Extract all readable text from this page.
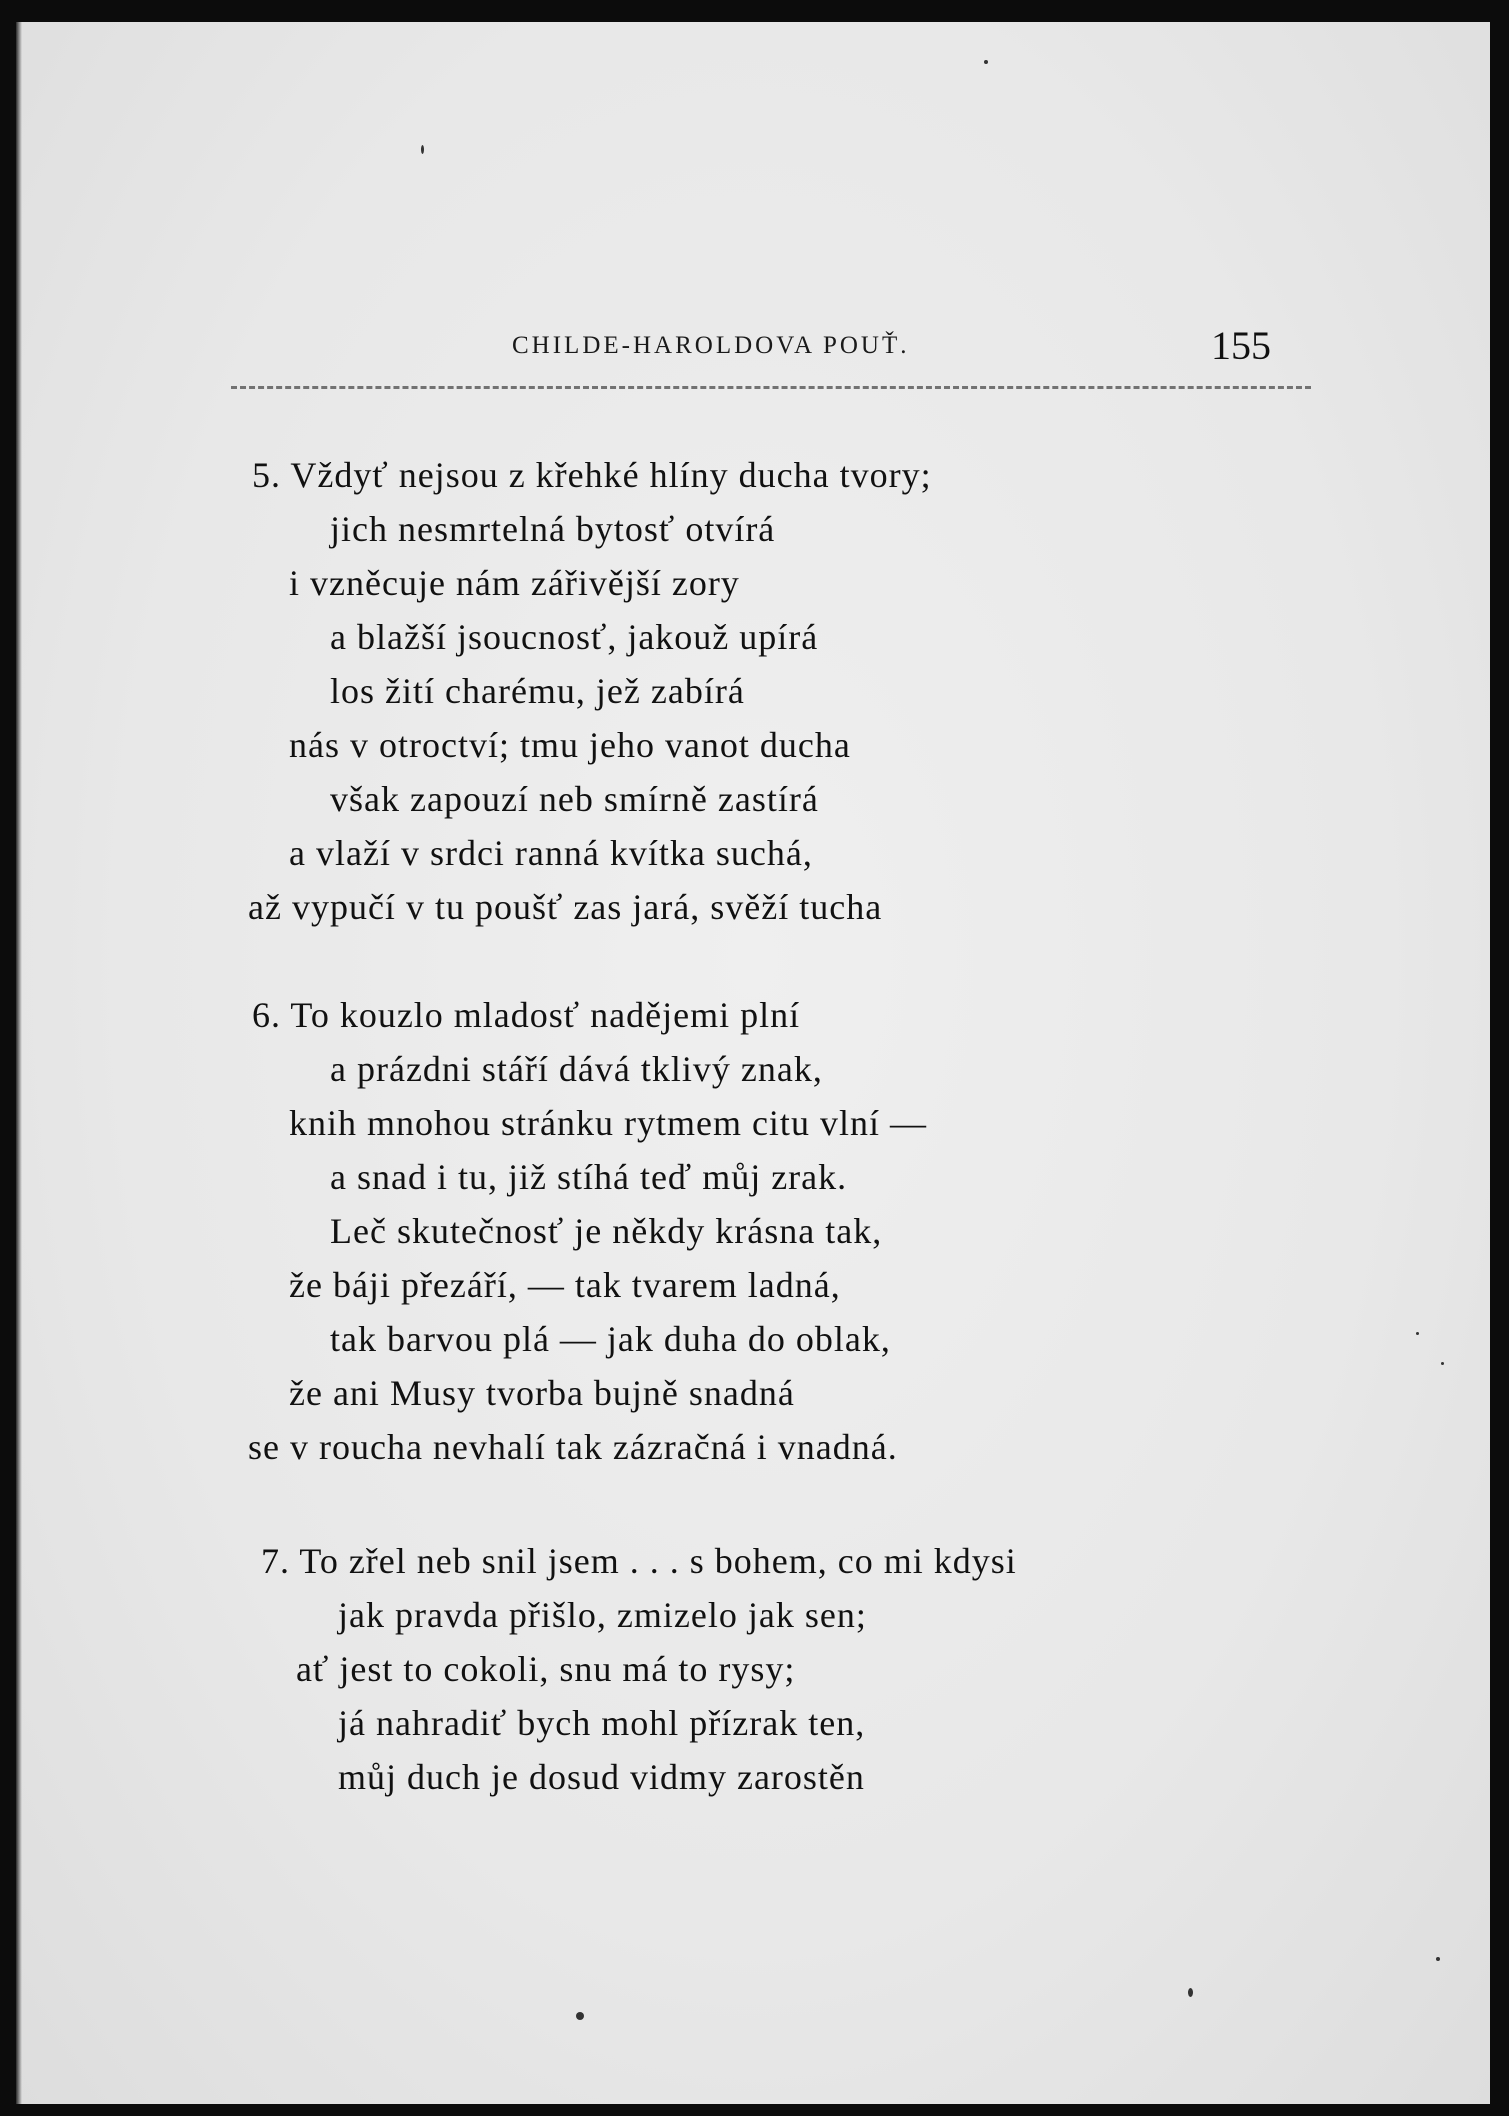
CHILDE-HAROLDOVA POUŤ.	155
5. Vždyť nejsou z křehké hlíny ducha tvory;
jich nesmrtelná bytosť otvírá
i vzněcuje nám zářivější zory
a blažší jsoucnosť, jakouž upírá
los žití charému, jež zabírá
nás v otroctví; tmu jeho vanot ducha
však zapouzí neb smírně zastírá
a vlaží v srdci ranná kvítka suchá,
až vypučí v tu poušť zas jará, svěží tucha
6. To kouzlo mladosť nadějemi plní
a prázdni stáří dává tklivý znak,
knih mnohou stránku rytmem citu vlní —
a snad i tu, již stíhá teď můj zrak.
Leč skutečnosť je někdy krásna tak,
že báji přezáří, — tak tvarem ladná,
tak barvou plá — jak duha do oblak,
že ani Musy tvorba bujně snadná
se v roucha nevhalí tak zázračná i vnadná.
7. To zřel neb snil jsem . . . s bohem, co mi kdysi
jak pravda přišlo, zmizelo jak sen;
ať jest to cokoli, snu má to rysy;
já nahradiť bych mohl přízrak ten,
můj duch je dosud vidmy zarostěn
